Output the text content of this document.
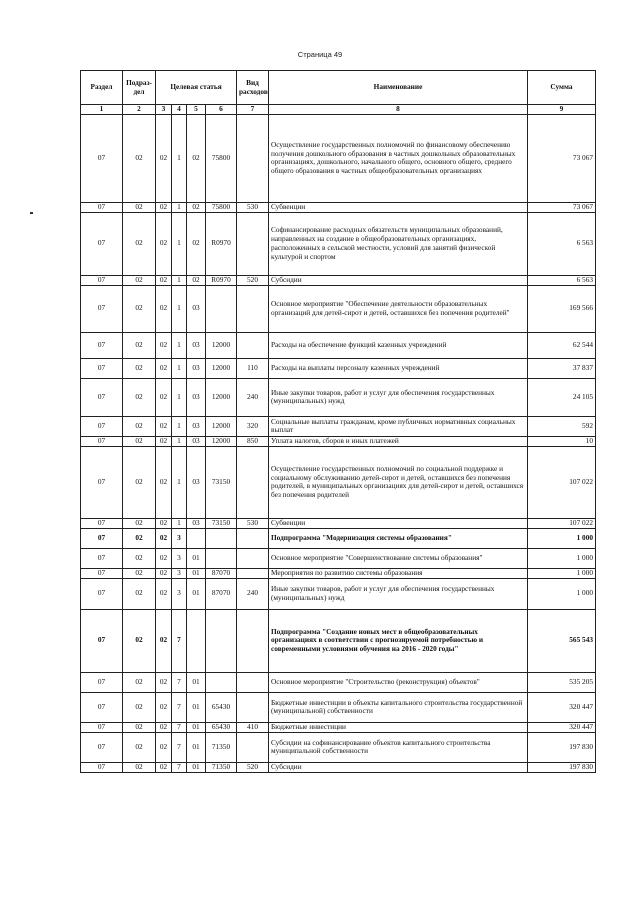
Страница 49
Раздел	Подраз-дел	Целевая статья				Вид расходов	Наименование	Сумма
1	2	3	4	5	6	7	8	9
07	02	02	1	02	75800		Осуществление государственных полномочий по финансовому обеспечению получения дошкольного образования в частных дошкольных образовательных организациях, дошкольного, начального общего, основного общего, среднего общего образования в частных общеобразовательных организациях	73 067
07	02	02	1	02	75800	530	Субвенции	73 067
07	02	02	1	02	R0970		Софинансирование расходных обязательств муниципальных образований, направленных на создание в общеобразовательных организациях, расположенных в сельской местности, условий для занятий физической культурой и спортом	6 563
07	02	02	1	02	R0970	520	Субсидии	6 563
07	02	02	1	03			Основное мероприятие "Обеспечение деятельности образовательных организаций для детей-сирот и детей, оставшихся без попечения родителей"	169 566
07	02	02	1	03	12000		Расходы на обеспечение функций казенных учреждений	62 544
07	02	02	1	03	12000	110	Расходы на выплаты персоналу казенных учреждений	37 837
07	02	02	1	03	12000	240	Иные закупки товаров, работ и услуг для обеспечения государственных (муниципальных) нужд	24 105
07	02	02	1	03	12000	320	Социальные выплаты гражданам, кроме публичных нормативных социальных выплат	592
07	02	02	1	03	12000	850	Уплата налогов, сборов и иных платежей	10
07	02	02	1	03	73150		Осуществление государственных полномочий по социальной поддержке и социальному обслуживанию детей-сирот и детей, оставшихся без попечения родителей, в муниципальных организациях для детей-сирот и детей, оставшихся без попечения родителей	107 022
07	02	02	1	03	73150	530	Субвенции	107 022
07	02	02	3				Подпрограмма "Модернизация системы образования"	1 000
07	02	02	3	01			Основное мероприятие "Совершенствование системы образования"	1 000
07	02	02	3	01	87070		Мероприятия по развитию системы образования	1 000
07	02	02	3	01	87070	240	Иные закупки товаров, работ и услуг для обеспечения государственных (муниципальных) нужд	1 000
07	02	02	7				Подпрограмма "Создание новых мест в общеобразовательных организациях в соответствии с прогнозируемой потребностью и современными условиями обучения на 2016 - 2020 годы"	565 543
07	02	02	7	01			Основное мероприятие "Строительство (реконструкция) объектов"	535 205
07	02	02	7	01	65430		Бюджетные инвестиции в объекты капитального строительства государственной (муниципальной) собственности	320 447
07	02	02	7	01	65430	410	Бюджетные инвестиции	320 447
07	02	02	7	01	71350		Субсидии на софинансирование объектов капитального строительства муниципальной собственности	197 830
07	02	02	7	01	71350	520	Субсидии	197 830
